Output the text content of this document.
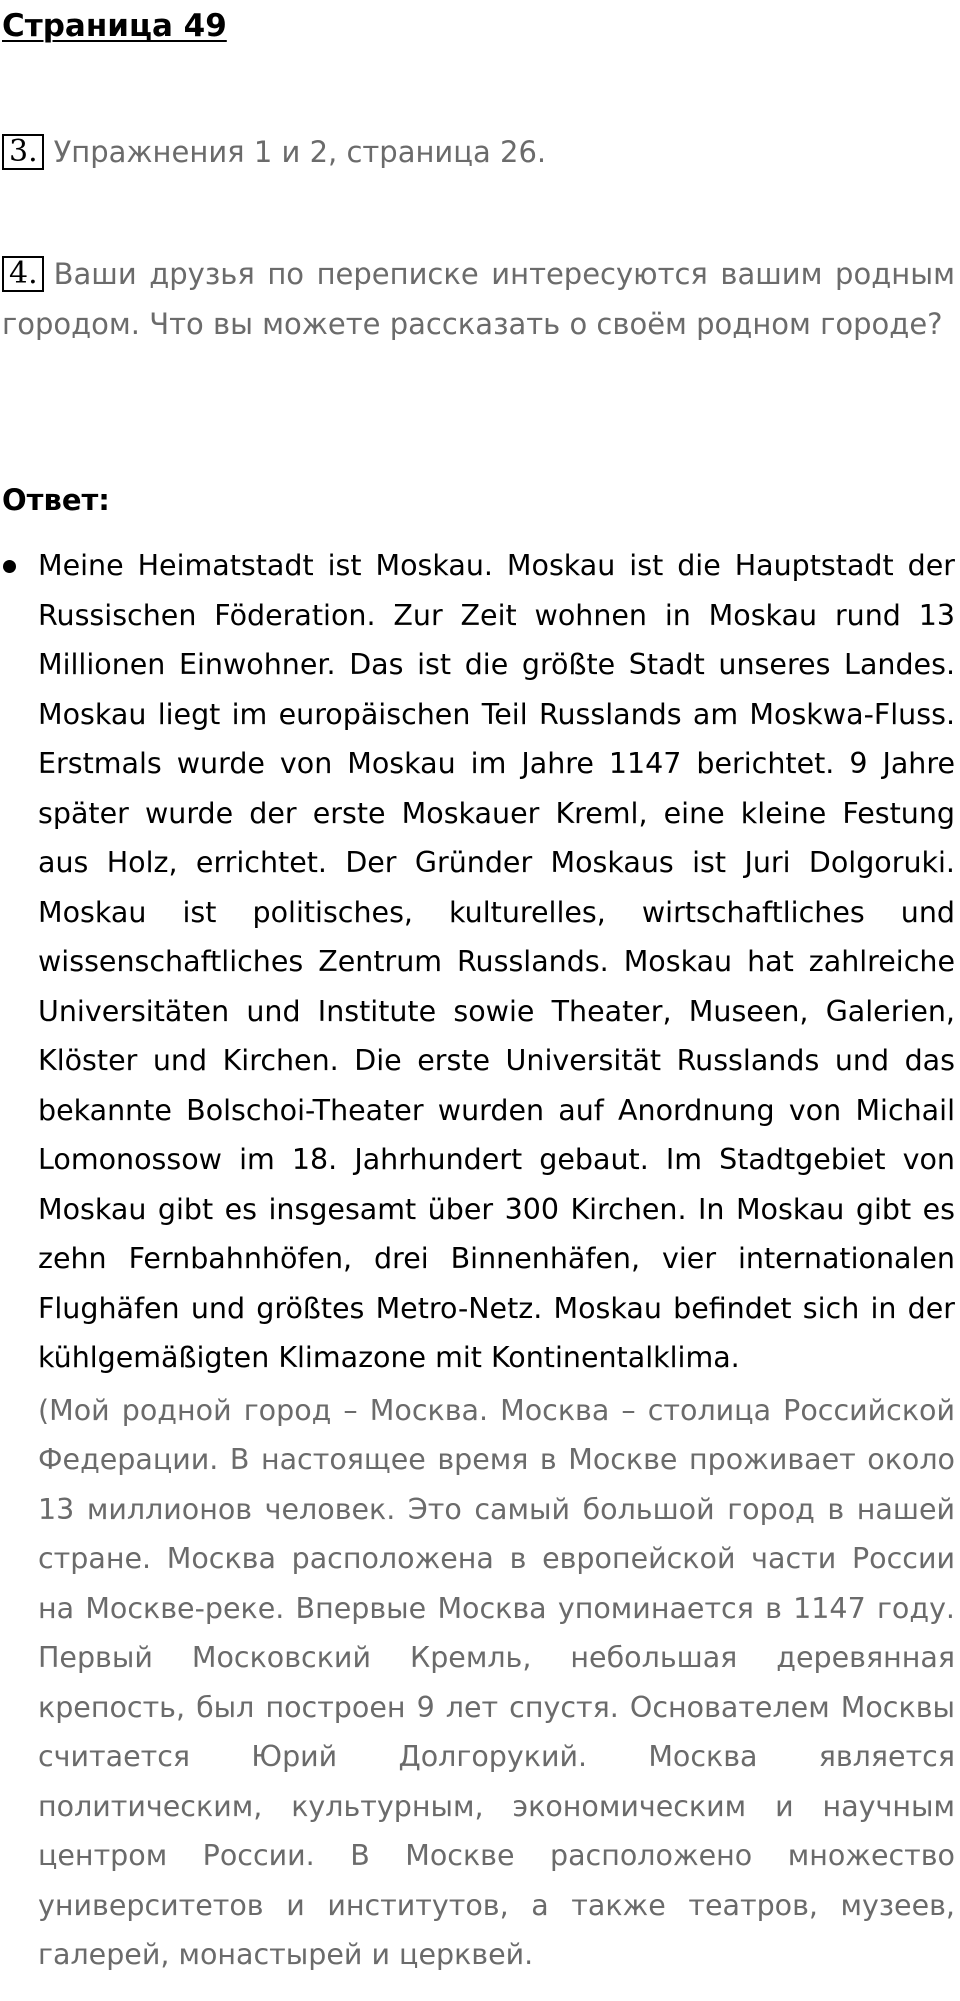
Страница 49
3. Упражнения 1 и 2, страница 26.
4. Ваши друзья по переписке интересуются вашим родным городом. Что вы можете рассказать о своём родном городе?
Ответ:

Meine Heimatstadt ist Moskau. Moskau ist die Hauptstadt der Russischen Föderation. Zur Zeit wohnen in Moskau rund 13 Millionen Einwohner. Das ist die größte Stadt unseres Landes. Moskau liegt im europäischen Teil Russlands am Moskwa-Fluss. Erstmals wurde von Moskau im Jahre 1147 berichtet. 9 Jahre später wurde der erste Moskauer Kreml, eine kleine Festung aus Holz, errichtet. Der Gründer Moskaus ist Juri Dolgoruki. Moskau ist politisches, kulturelles, wirtschaftliches und wissenschaftliches Zentrum Russlands. Moskau hat zahlreiche Universitäten und Institute sowie Theater, Museen, Galerien, Klöster und Kirchen. Die erste Universität Russlands und das bekannte Bolschoi-Theater wurden auf Anordnung von Michail Lomonossow im 18. Jahrhundert gebaut. Im Stadtgebiet von Moskau gibt es insgesamt über 300 Kirchen. In Moskau gibt es zehn Fernbahnhöfen, drei Binnenhäfen, vier internationalen Flughäfen und größtes Metro-Netz. Moskau befindet sich in der kühlgemäßigten Klimazone mit Kontinentalklima.

(Мой родной город – Москва. Москва – столица Российской Федерации. В настоящее время в Москве проживает около 13 миллионов человек. Это самый большой город в нашей стране. Москва расположена в европейской части России на Москве-реке. Впервые Москва упоминается в 1147 году. Первый Московский Кремль, небольшая деревянная крепость, был построен 9 лет спустя. Основателем Москвы считается Юрий Долгорукий. Москва является политическим, культурным, экономическим и научным центром России. В Москве расположено множество университетов и институтов, а также театров, музеев, галерей, монастырей и церквей.
